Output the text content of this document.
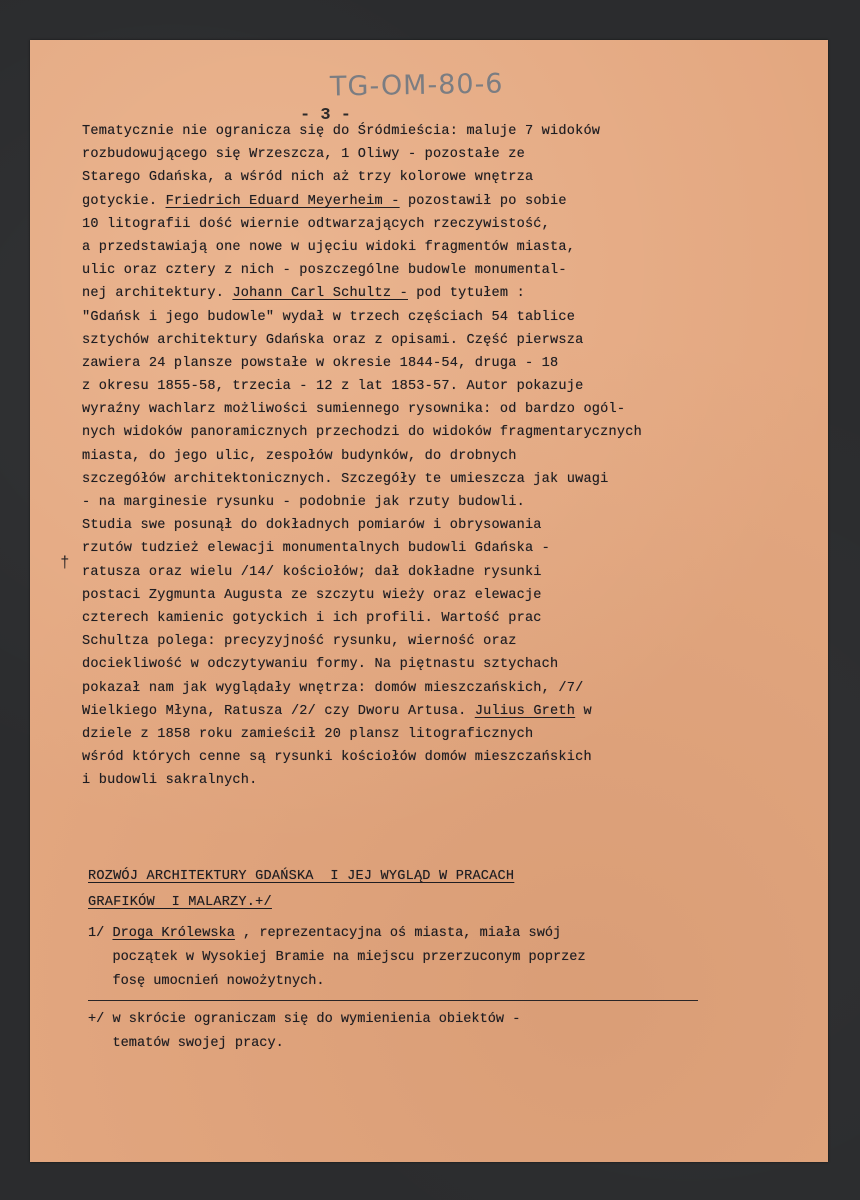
TG-OM-80-6
- 3 -
†
Tematycznie nie ogranicza się do Śródmieścia: maluje 7 widoków
rozbudowującego się Wrzeszcza, 1 Oliwy - pozostałe ze
Starego Gdańska, a wśród nich aż trzy kolorowe wnętrza
gotyckie. Friedrich Eduard Meyerheim - pozostawił po sobie
10 litografii dość wiernie odtwarzających rzeczywistość,
a przedstawiają one nowe w ujęciu widoki fragmentów miasta,
ulic oraz cztery z nich - poszczególne budowle monumental-
nej architektury. Johann Carl Schultz - pod tytułem :
"Gdańsk i jego budowle" wydał w trzech częściach 54 tablice
sztychów architektury Gdańska oraz z opisami. Część pierwsza
zawiera 24 plansze powstałe w okresie 1844-54, druga - 18
z okresu 1855-58, trzecia - 12 z lat 1853-57. Autor pokazuje
wyraźny wachlarz możliwości sumiennego rysownika: od bardzo ogól-
nych widoków panoramicznych przechodzi do widoków fragmentarycznych
miasta, do jego ulic, zespołów budynków, do drobnych
szczegółów architektonicznych. Szczegóły te umieszcza jak uwagi
- na marginesie rysunku - podobnie jak rzuty budowli.
Studia swe posunął do dokładnych pomiarów i obrysowania
rzutów tudzież elewacji monumentalnych budowli Gdańska -
ratusza oraz wielu /14/ kościołów; dał dokładne rysunki
postaci Zygmunta Augusta ze szczytu wieży oraz elewacje
czterech kamienic gotyckich i ich profili. Wartość prac
Schultza polega: precyzyjność rysunku, wierność oraz
dociekliwość w odczytywaniu formy. Na piętnastu sztychach
pokazał nam jak wyglądały wnętrza: domów mieszczańskich, /7/
Wielkiego Młyna, Ratusza /2/ czy Dworu Artusa. Julius Greth w
dziele z 1858 roku zamieścił 20 plansz litograficznych
wśród których cenne są rysunki kościołów domów mieszczańskich
i budowli sakralnych.
ROZWÓJ ARCHITEKTURY GDAŃSKA  I JEJ WYGLĄD W PRACACH
GRAFIKÓW  I MALARZY.+/
1/ Droga Królewska , reprezentacyjna oś miasta, miała swój
początek w Wysokiej Bramie na miejscu przerzuconym poprzez
fosę umocnień nowożytnych.
+/ w skrócie ograniczam się do wymienienia obiektów -
tematów swojej pracy.
